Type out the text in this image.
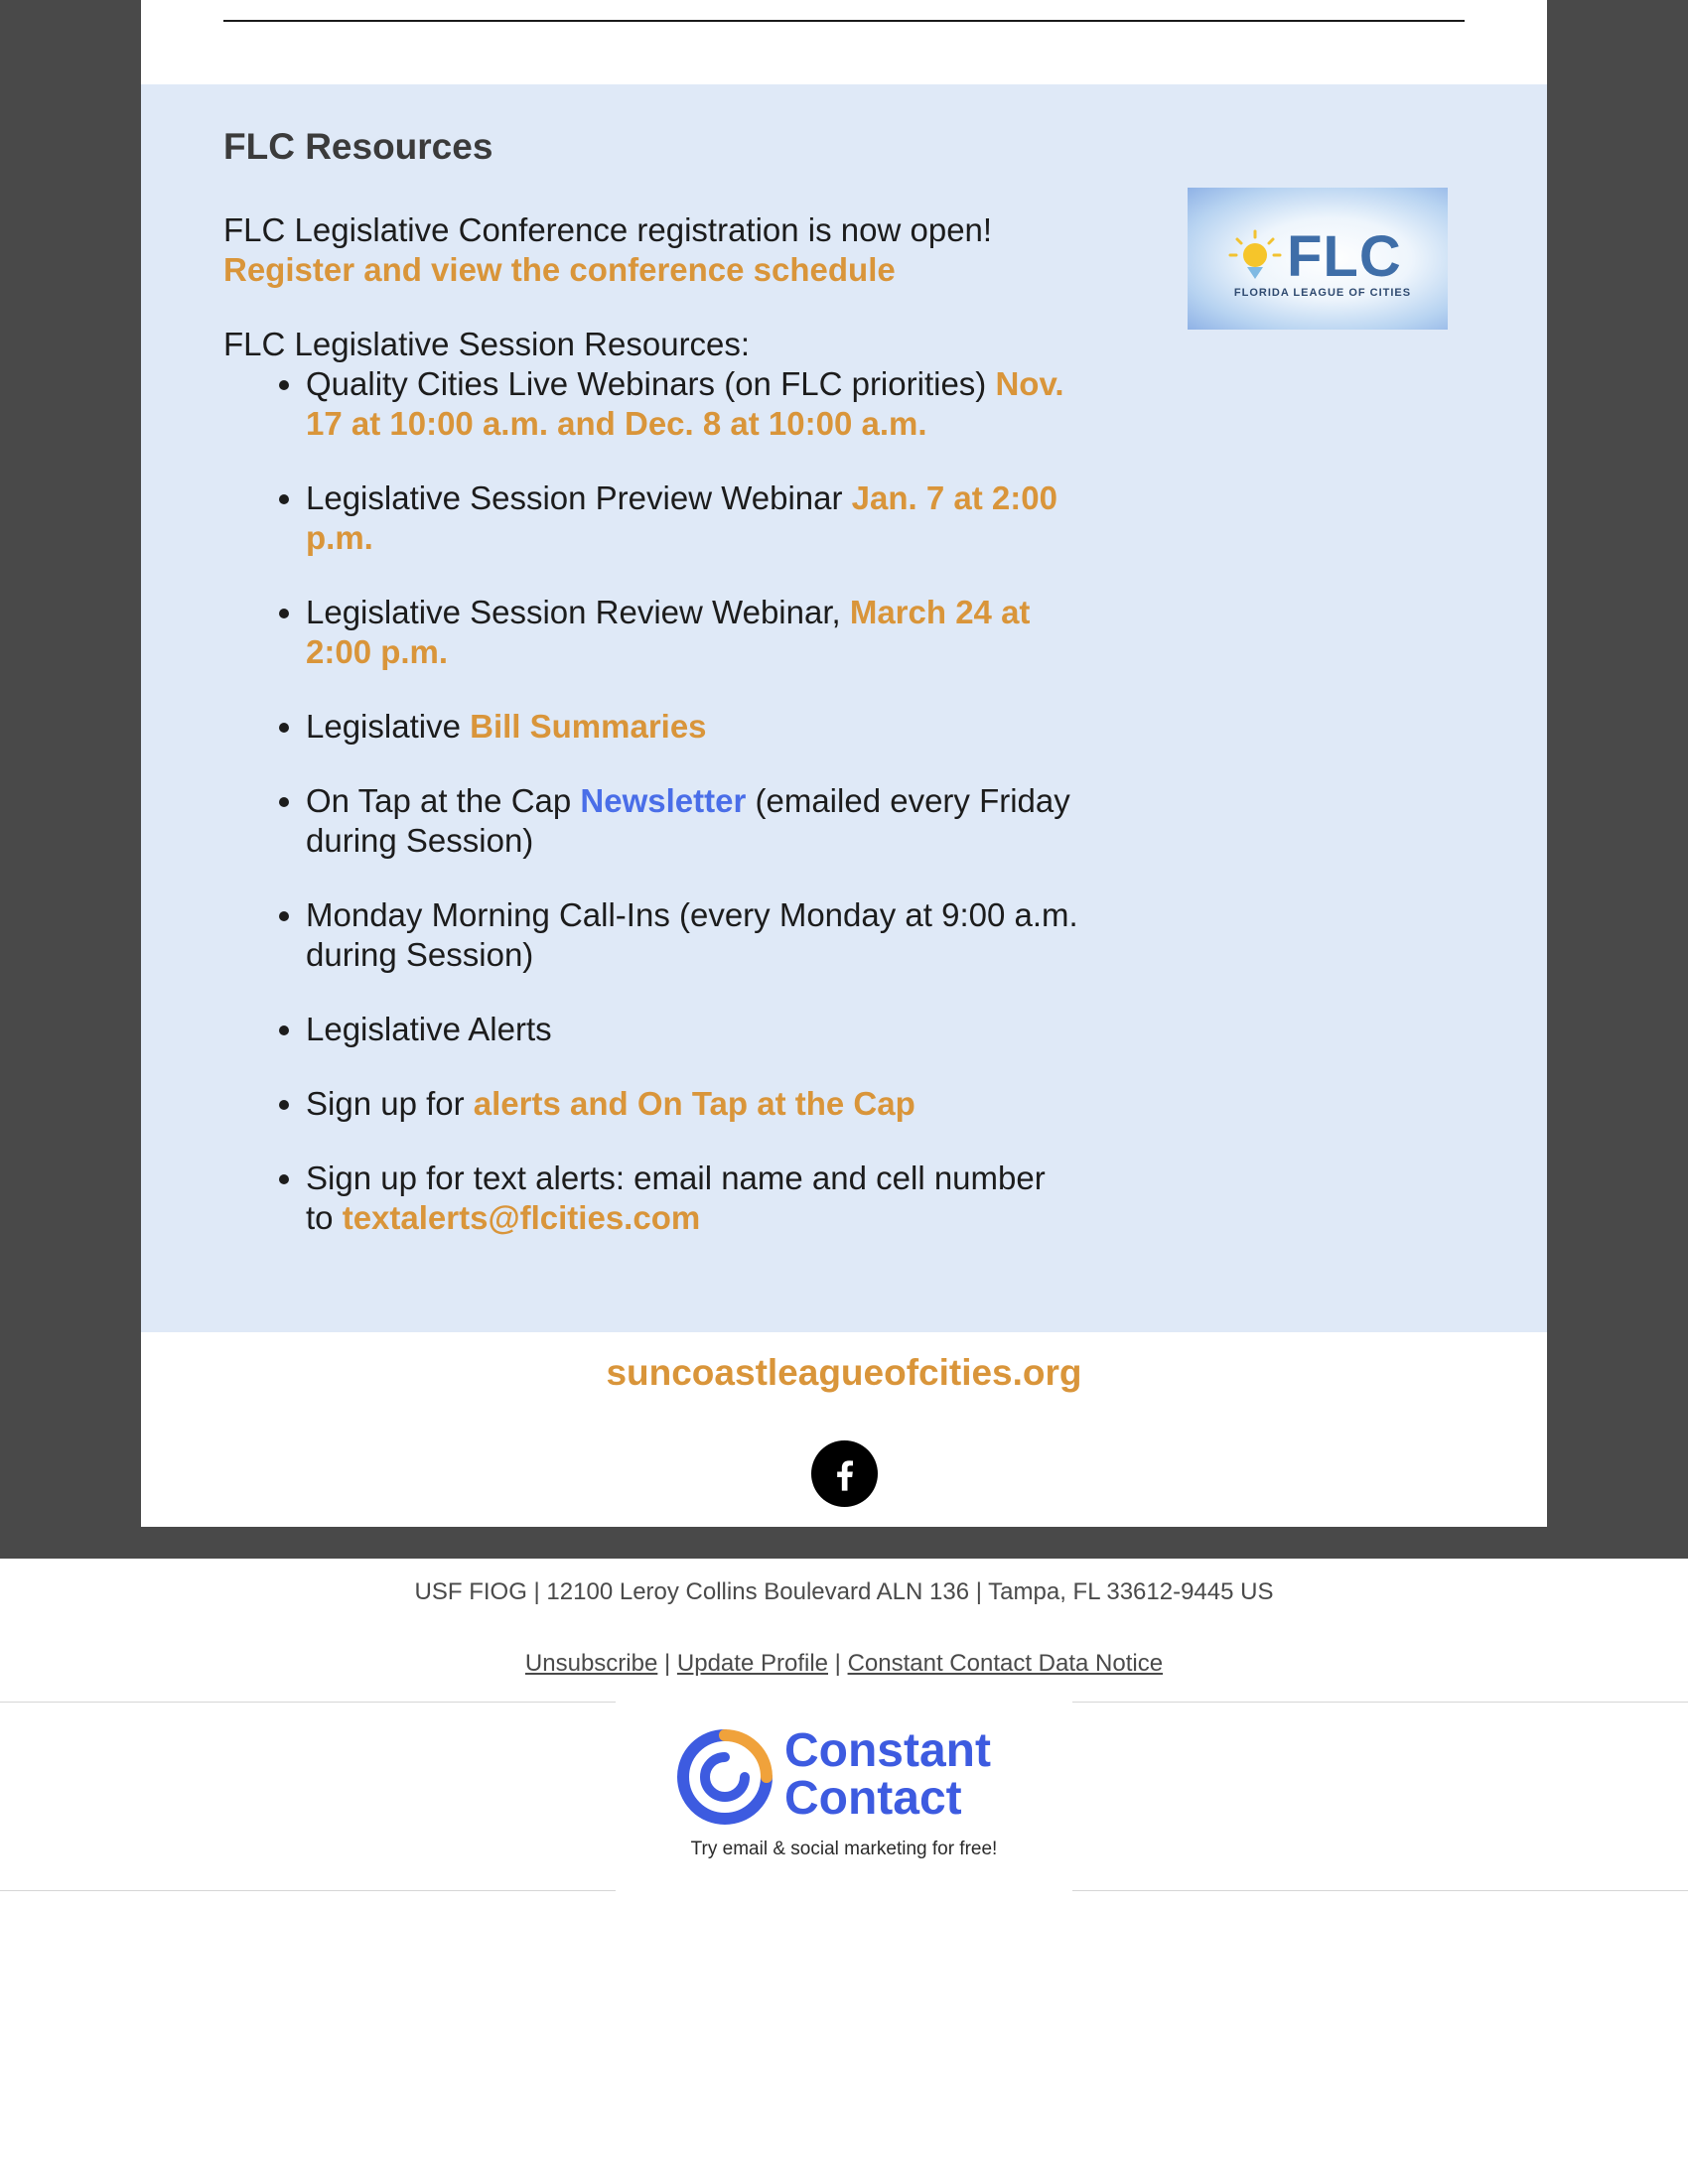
FLC Resources

FLC Legislative Conference registration is now open!

Register and view the conference schedule

FLC Legislative Session Resources:

• Quality Cities Live Webinars (on FLC priorities) Nov. 17 at 10:00 a.m. and Dec. 8 at 10:00 a.m.
• Legislative Session Preview Webinar Jan. 7 at 2:00 p.m.
• Legislative Session Review Webinar, March 24 at 2:00 p.m.
• Legislative Bill Summaries
• On Tap at the Cap Newsletter (emailed every Friday during Session)
• Monday Morning Call-Ins (every Monday at 9:00 a.m. during Session)
• Legislative Alerts
• Sign up for alerts and On Tap at the Cap
• Sign up for text alerts: email name and cell number to textalerts@flcities.com
FLC
FLORIDA LEAGUE OF CITIES
suncoastleagueofcities.org
USF FIOG | 12100 Leroy Collins Boulevard ALN 136 | Tampa, FL 33612-9445 US
Unsubscribe | Update Profile | Constant Contact Data Notice
Constant
Contact
Try email & social marketing for free!
